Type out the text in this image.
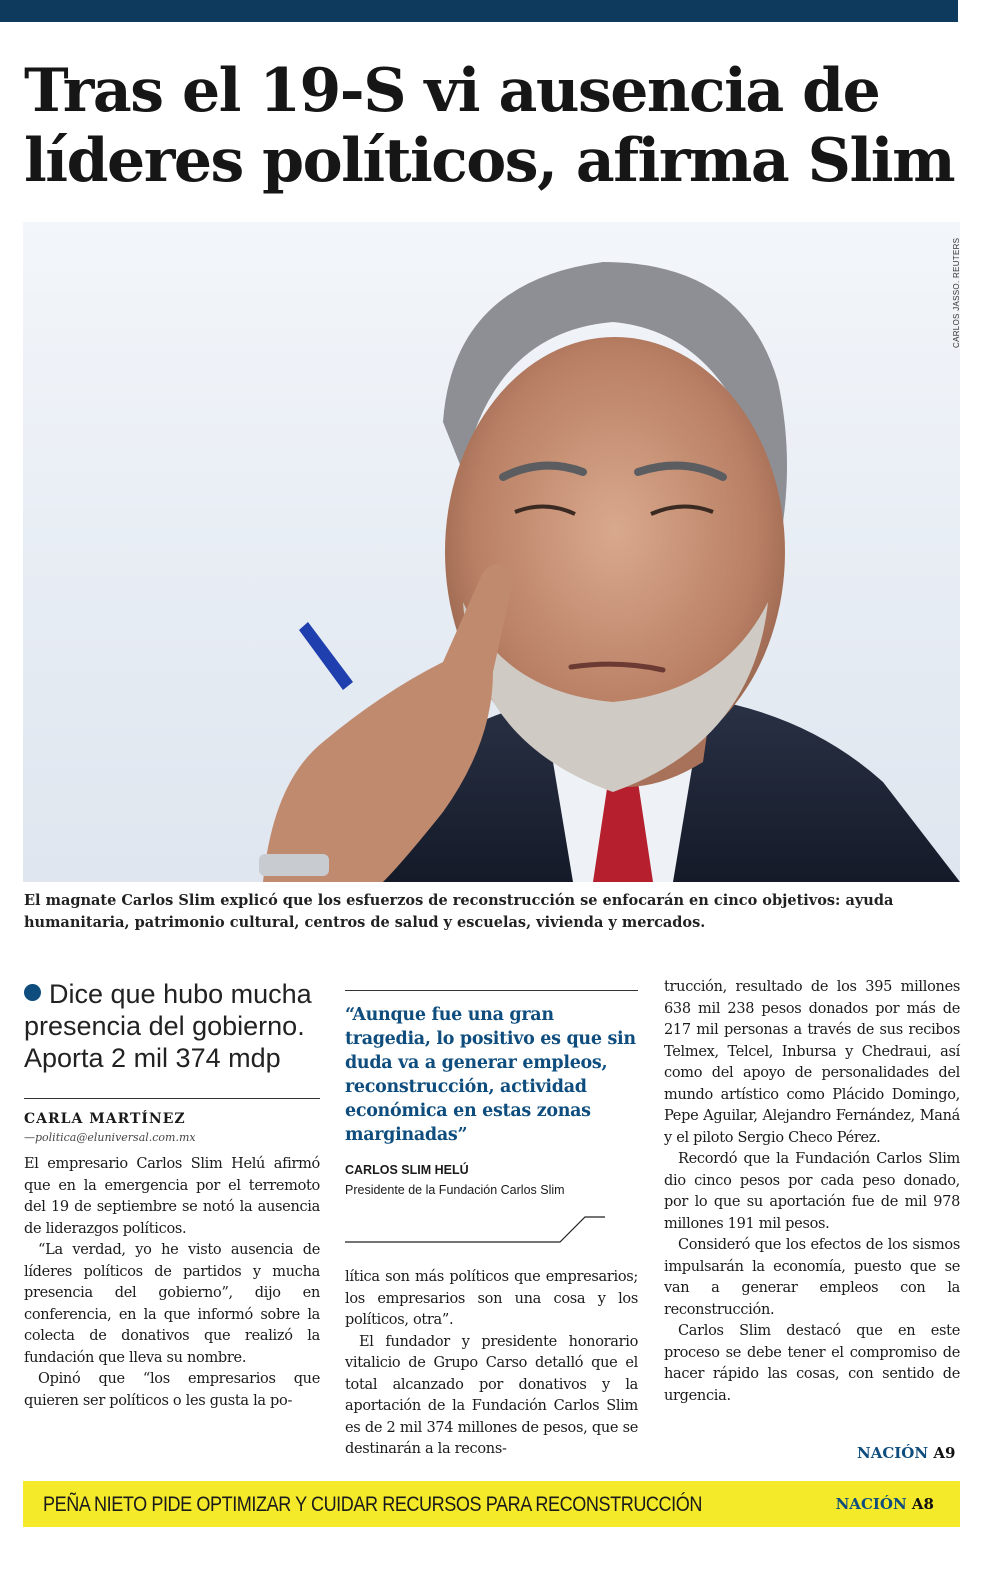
Tras el 19-S vi ausencia de líderes políticos, afirma Slim
CARLOS JASSO. REUTERS
El magnate Carlos Slim explicó que los esfuerzos de reconstrucción se enfocarán en cinco objetivos: ayuda humanitaria, patrimonio cultural, centros de salud y escuelas, vivienda y mercados.

Dice que hubo mucha presencia del gobierno. Aporta 2 mil 374 mdp

CARLA MARTÍNEZ

—politica@eluniversal.com.mx

El empresario Carlos Slim Helú afirmó que en la emergencia por el terremoto del 19 de septiembre se notó la ausencia de liderazgos políticos.

“La verdad, yo he visto ausencia de líderes políticos de partidos y mucha presencia del gobierno”, dijo en conferencia, en la que informó sobre la colecta de donativos que realizó la fundación que lleva su nombre.

Opinó que “los empresarios que quieren ser políticos o les gusta la po-

“Aunque fue una gran tragedia, lo positivo es que sin duda va a generar empleos, reconstrucción, actividad económica en estas zonas marginadas”

CARLOS SLIM HELÚ

Presidente de la Fundación Carlos Slim

lítica son más políticos que empresarios; los empresarios son una cosa y los políticos, otra”.

El fundador y presidente honorario vitalicio de Grupo Carso detalló que el total alcanzado por donativos y la aportación de la Fundación Carlos Slim es de 2 mil 374 millones de pesos, que se destinarán a la recons-

trucción, resultado de los 395 millones 638 mil 238 pesos donados por más de 217 mil personas a través de sus recibos Telmex, Telcel, Inbursa y Chedraui, así como del apoyo de personalidades del mundo artístico como Plácido Domingo, Pepe Aguilar, Alejandro Fernández, Maná y el piloto Sergio Checo Pérez.

Recordó que la Fundación Carlos Slim dio cinco pesos por cada peso donado, por lo que su aportación fue de mil 978 millones 191 mil pesos.

Consideró que los efectos de los sismos impulsarán la economía, puesto que se van a generar empleos con la reconstrucción.

Carlos Slim destacó que en este proceso se debe tener el compromiso de hacer rápido las cosas, con sentido de urgencia.

NACIÓN A9
PEÑA NIETO PIDE OPTIMIZAR Y CUIDAR RECURSOS PARA RECONSTRUCCIÓN	NACIÓN A8
